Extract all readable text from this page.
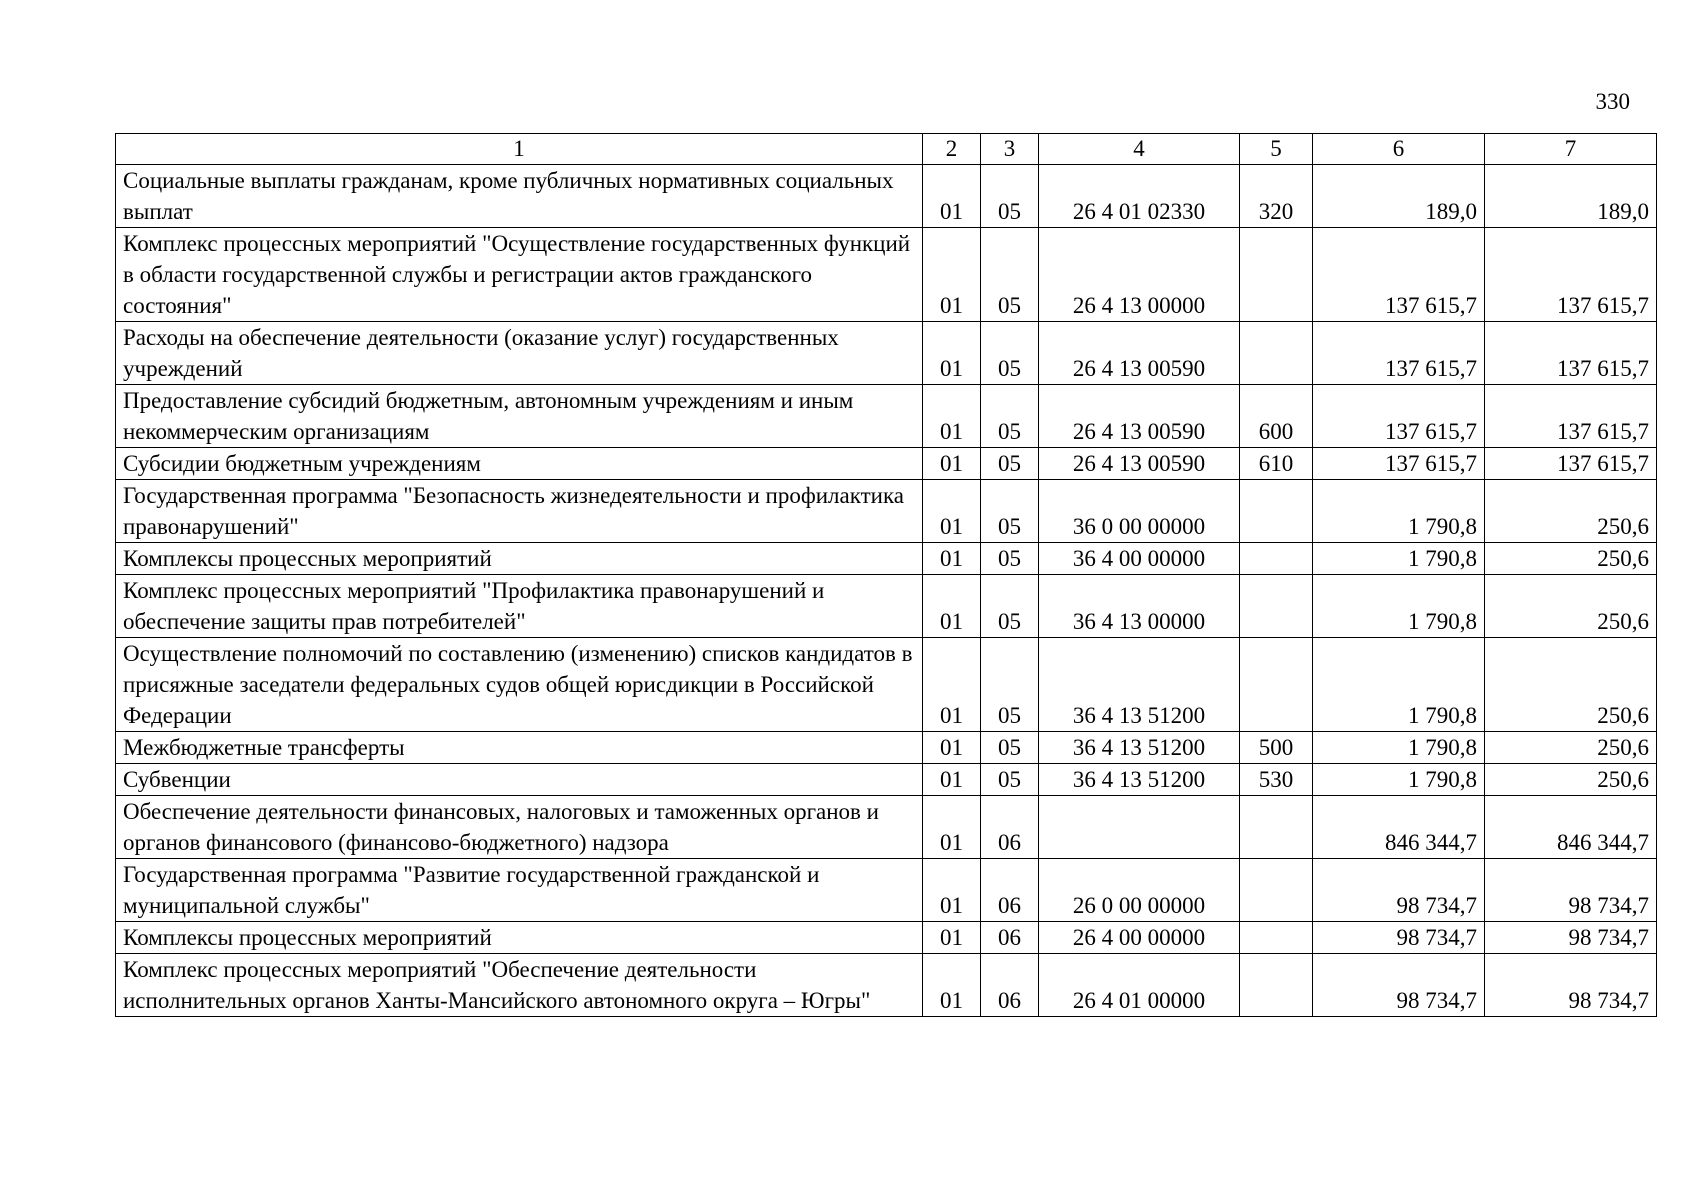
330
1	2	3	4	5	6	7
Социальные выплаты гражданам, кроме публичных нормативных социальных выплат	01	05	26 4 01 02330	320	189,0	189,0
Комплекс процессных мероприятий "Осуществление государственных функций в области государственной службы и регистрации актов гражданского состояния"	01	05	26 4 13 00000		137 615,7	137 615,7
Расходы на обеспечение деятельности (оказание услуг) государственных учреждений	01	05	26 4 13 00590		137 615,7	137 615,7
Предоставление субсидий бюджетным, автономным учреждениям и иным некоммерческим организациям	01	05	26 4 13 00590	600	137 615,7	137 615,7
Субсидии бюджетным учреждениям	01	05	26 4 13 00590	610	137 615,7	137 615,7
Государственная программа "Безопасность жизнедеятельности и профилактика правонарушений"	01	05	36 0 00 00000		1 790,8	250,6
Комплексы процессных мероприятий	01	05	36 4 00 00000		1 790,8	250,6
Комплекс процессных мероприятий "Профилактика правонарушений и обеспечение защиты прав потребителей"	01	05	36 4 13 00000		1 790,8	250,6
Осуществление полномочий по составлению (изменению) списков кандидатов в присяжные заседатели федеральных судов общей юрисдикции в Российской Федерации	01	05	36 4 13 51200		1 790,8	250,6
Межбюджетные трансферты	01	05	36 4 13 51200	500	1 790,8	250,6
Субвенции	01	05	36 4 13 51200	530	1 790,8	250,6
Обеспечение деятельности финансовых, налоговых и таможенных органов и органов финансового (финансово-бюджетного) надзора	01	06			846 344,7	846 344,7
Государственная программа "Развитие государственной гражданской и муниципальной службы"	01	06	26 0 00 00000		98 734,7	98 734,7
Комплексы процессных мероприятий	01	06	26 4 00 00000		98 734,7	98 734,7
Комплекс процессных мероприятий "Обеспечение деятельности исполнительных органов Ханты-Мансийского автономного округа – Югры"	01	06	26 4 01 00000		98 734,7	98 734,7
